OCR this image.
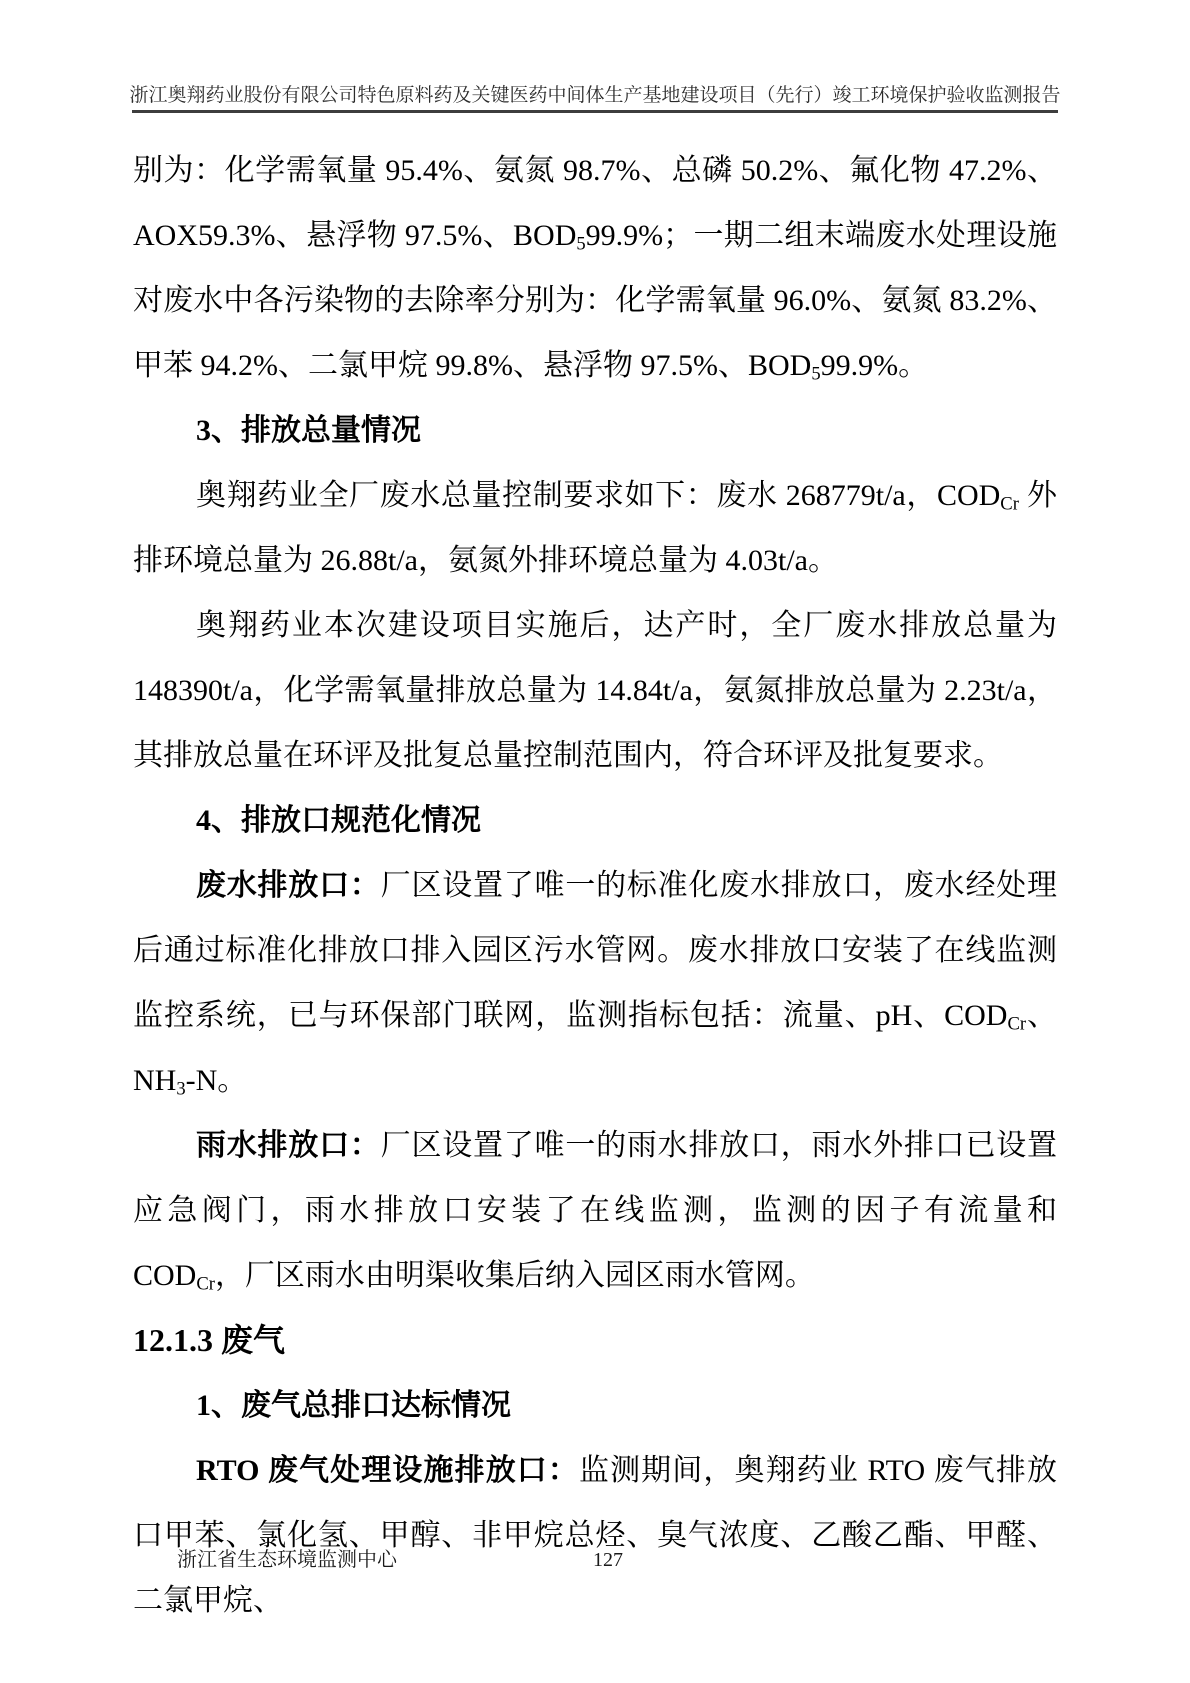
浙江奥翔药业股份有限公司特色原料药及关键医药中间体生产基地建设项目（先行）竣工环境保护验收监测报告

别为：化学需氧量 95.4%、氨氮 98.7%、总磷 50.2%、氟化物 47.2%、AOX59.3%、悬浮物 97.5%、$BOD_599.9\%$；一期二组末端废水处理设施对废水中各污染物的去除率分别为：化学需氧量 96.0%、氨氮 83.2%、甲苯 94.2%、二氯甲烷 99.8%、悬浮物 97.5%、$BOD_599.9\%$。

3、排放总量情况

奥翔药业全厂废水总量控制要求如下：废水 268779t/a，$COD_{Cr}$ 外排环境总量为 26.88t/a，氨氮外排环境总量为 4.03t/a。

奥翔药业本次建设项目实施后，达产时，全厂废水排放总量为 148390t/a，化学需氧量排放总量为 14.84t/a，氨氮排放总量为 2.23t/a，其排放总量在环评及批复总量控制范围内，符合环评及批复要求。

4、排放口规范化情况

废水排放口：厂区设置了唯一的标准化废水排放口，废水经处理后通过标准化排放口排入园区污水管网。废水排放口安装了在线监测监控系统，已与环保部门联网，监测指标包括：流量、pH、$COD_{Cr}$、$NH_3-N$。

雨水排放口：厂区设置了唯一的雨水排放口，雨水外排口已设置应急阀门，雨水排放口安装了在线监测，监测的因子有流量和 $COD_{Cr}$，厂区雨水由明渠收集后纳入园区雨水管网。

12.1.3 废气

1、废气总排口达标情况

RTO 废气处理设施排放口：监测期间，奥翔药业 RTO 废气排放口甲苯、氯化氢、甲醇、非甲烷总烃、臭气浓度、乙酸乙酯、甲醛、二氯甲烷、

浙江省生态环境监测中心	127
